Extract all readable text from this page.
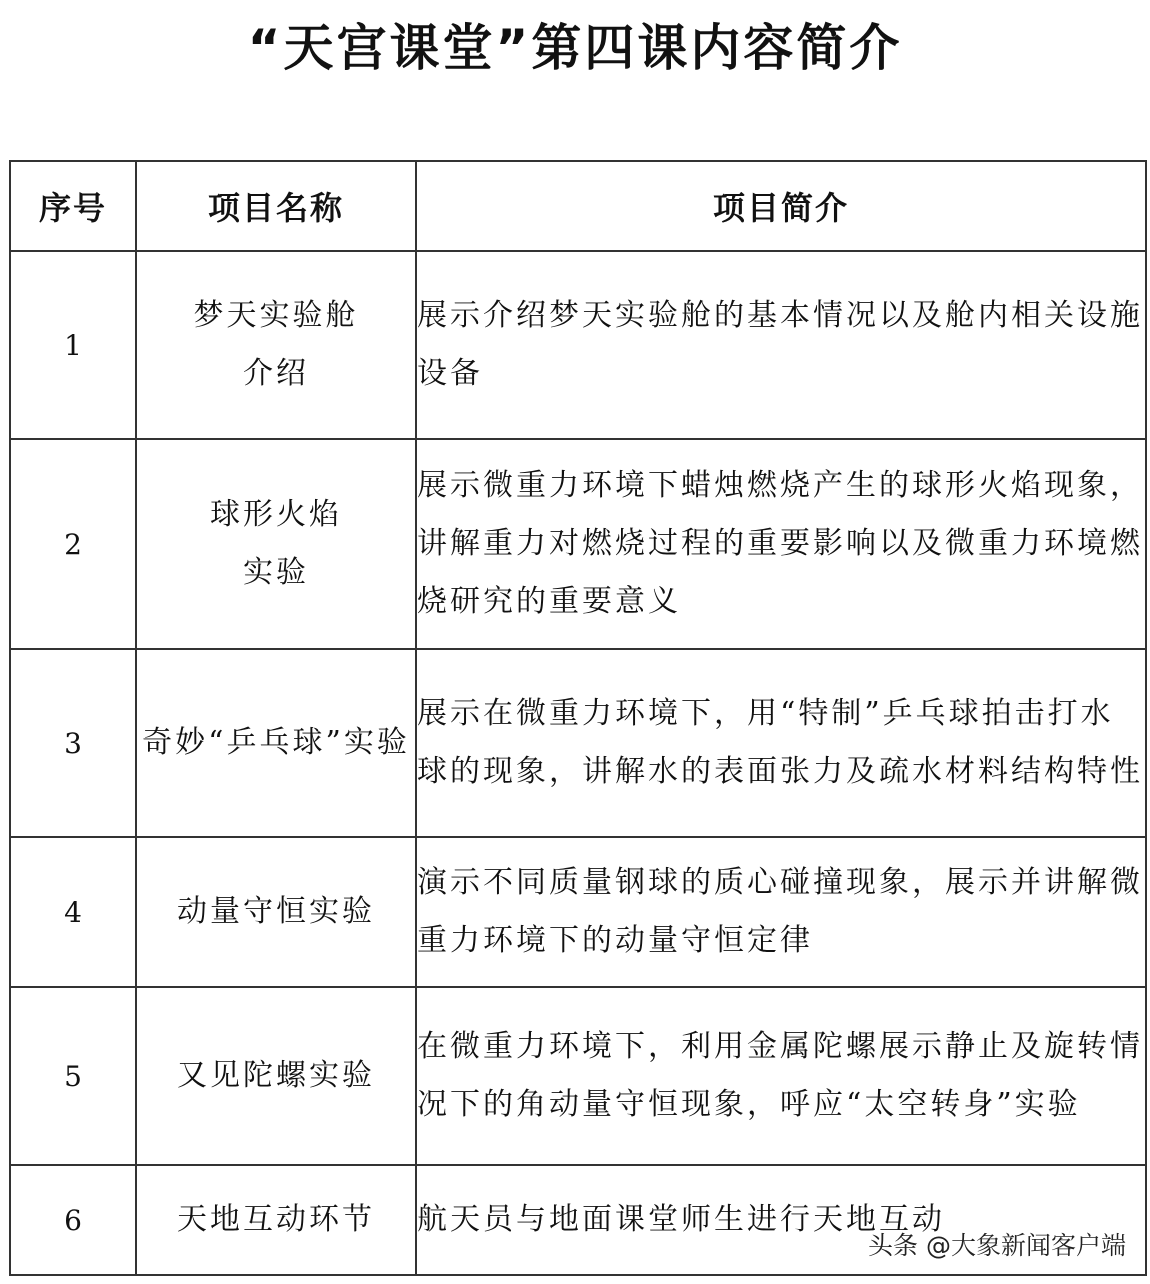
“天宫课堂”第四课内容简介
序号	项目名称	项目简介
1	梦天实验舱介绍	展示介绍梦天实验舱的基本情况以及舱内相关设施设备
2	球形火焰实验	展示微重力环境下蜡烛燃烧产生的球形火焰现象，讲解重力对燃烧过程的重要影响以及微重力环境燃烧研究的重要意义
3	奇妙“乒乓球”实验	展示在微重力环境下，用“特制”乒乓球拍击打水球的现象，讲解水的表面张力及疏水材料结构特性
4	动量守恒实验	演示不同质量钢球的质心碰撞现象，展示并讲解微重力环境下的动量守恒定律
5	又见陀螺实验	在微重力环境下，利用金属陀螺展示静止及旋转情况下的角动量守恒现象，呼应“太空转身”实验
6	天地互动环节	航天员与地面课堂师生进行天地互动
头条 @大象新闻客户端
